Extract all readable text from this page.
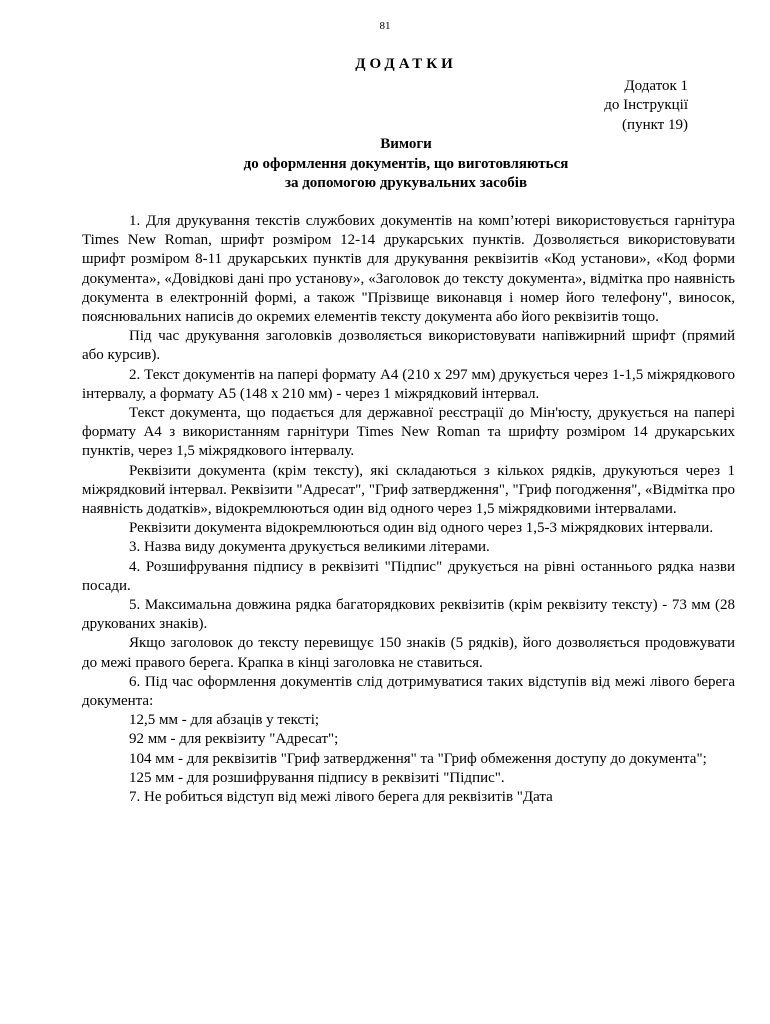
81
ДОДАТКИ
Додаток 1
до Інструкції
(пункт 19)
Вимоги
до оформлення документів, що виготовляються
за допомогою друкувальних засобів

1. Для друкування текстів службових документів на комп’ютері використовується гарнітура Times New Roman, шрифт розміром 12-14 друкарських пунктів. Дозволяється використовувати шрифт розміром 8-11 друкарських пунктів для друкування реквізитів «Код установи», «Код форми документа», «Довідкові дані про установу», «Заголовок до тексту документа», відмітка про наявність документа в електронній формі, а також "Прізвище виконавця і номер його телефону", виносок, пояснювальних написів до окремих елементів тексту документа або його реквізитів тощо.

Під час друкування заголовків дозволяється використовувати напівжирний шрифт (прямий або курсив).

2. Текст документів на папері формату А4 (210 х 297 мм) друкується через 1-1,5 міжрядкового інтервалу, а формату А5 (148 х 210 мм) - через 1 міжрядковий інтервал.

Текст документа, що подається для державної реєстрації до Мін'юсту, друкується на папері формату А4 з використанням гарнітури Times New Roman та шрифту розміром 14 друкарських пунктів, через 1,5 міжрядкового інтервалу.

Реквізити документа (крім тексту), які складаються з кількох рядків, друкуються через 1 міжрядковий інтервал. Реквізити "Адресат", "Гриф затвердження", "Гриф погодження", «Відмітка про наявність додатків», відокремлюються один від одного через 1,5 міжрядковими інтервалами.

Реквізити документа відокремлюються один від одного через 1,5-3 міжрядкових інтервали.

3. Назва виду документа друкується великими літерами.

4. Розшифрування підпису в реквізиті "Підпис" друкується на рівні останнього рядка назви посади.

5. Максимальна довжина рядка багаторядкових реквізитів (крім реквізиту тексту) - 73 мм (28 друкованих знаків).

Якщо заголовок до тексту перевищує 150 знаків (5 рядків), його дозволяється продовжувати до межі правого берега. Крапка в кінці заголовка не ставиться.

6. Під час оформлення документів слід дотримуватися таких відступів від межі лівого берега документа:

12,5 мм - для абзаців у тексті;

92 мм - для реквізиту "Адресат";

104 мм - для реквізитів "Гриф затвердження" та "Гриф обмеження доступу до документа";

125 мм - для розшифрування підпису в реквізиті "Підпис".

7. Не робиться відступ від межі лівого берега для реквізитів "Дата
